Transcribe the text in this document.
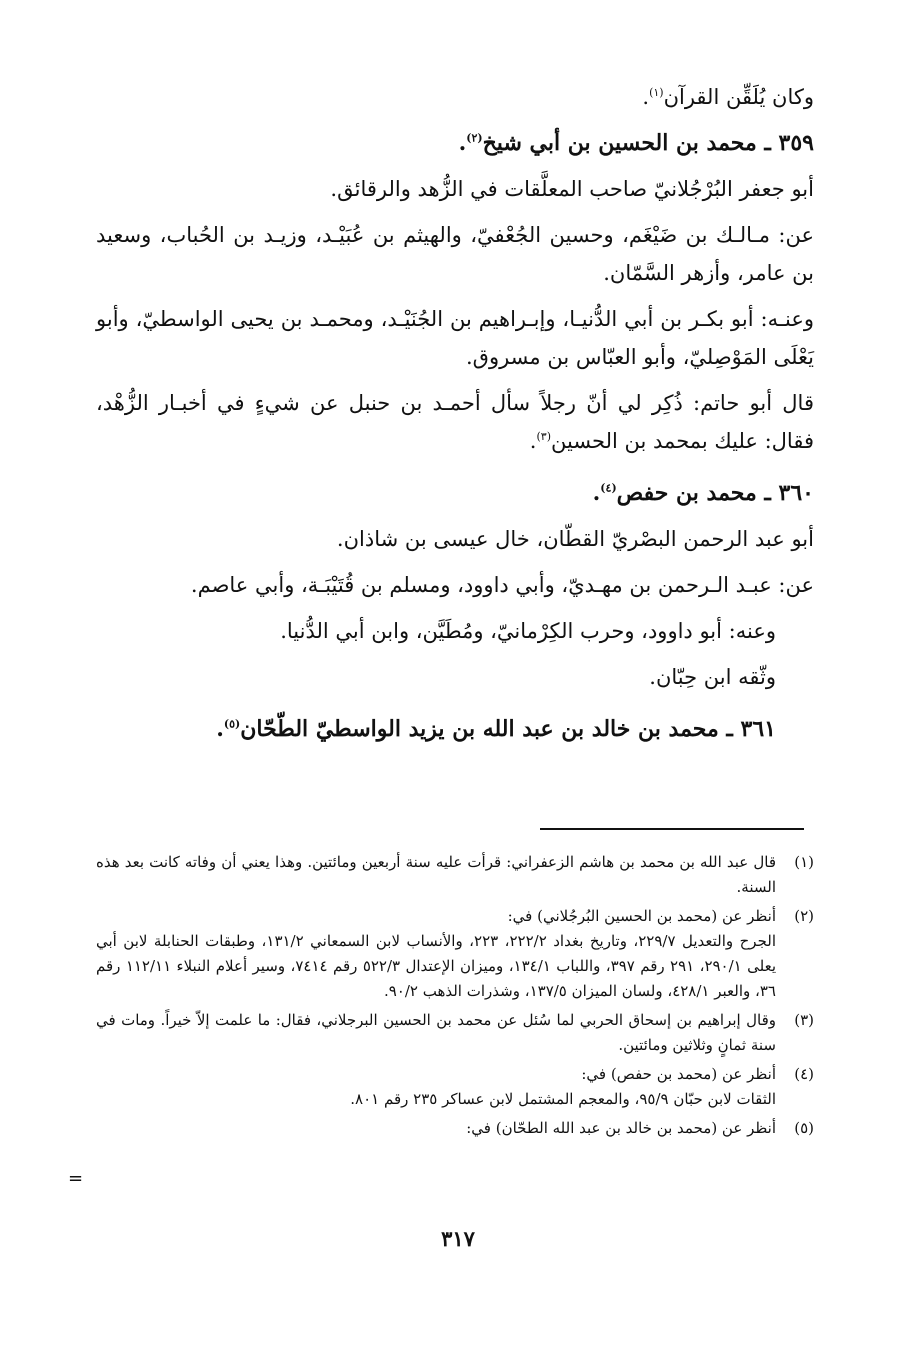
وكان يُلَقِّن القرآن$^{(١)}$.

٣٥٩ ـ محمد بن الحسين بن أبي شيخ$^{(٢)}$.

أبو جعفر البُرْجُلانيّ صاحب المعلَّقات في الزُّهد والرقائق.

عن: مـالـك بن ضَيْغَم، وحسين الجُعْفيّ، والهيثم بن عُبَيْـد، وزيـد بن الحُباب، وسعيد بن عامر، وأزهر السَّمّان.

وعنـه: أبو بكـر بن أبي الدُّنيـا، وإبـراهيم بن الجُنَيْـد، ومحمـد بن يحيى الواسطيّ، وأبو يَعْلَى المَوْصِليّ، وأبو العبّاس بن مسروق.

قال أبو حاتم: ذُكِر لي أنّ رجلاً سأل أحمـد بن حنبل عن شيءٍ في أخبـار الزُّهْد، فقال: عليك بمحمد بن الحسين$^{(٣)}$.

٣٦٠ ـ محمد بن حفص$^{(٤)}$.

أبو عبد الرحمن البصْريّ القطّان، خال عيسى بن شاذان.

عن: عبـد الـرحمن بن مهـديّ، وأبي داوود، ومسلم بن قُتَيْبَـة، وأبي عاصم.

وعنه: أبو داوود، وحرب الكِرْمانيّ، ومُطَيَّن، وابن أبي الدُّنيا.

وثّقه ابن حِبّان.

٣٦١ ـ محمد بن خالد بن عبد الله بن يزيد الواسطيّ الطّحّان$^{(٥)}$.

(١)
قال عبد الله بن محمد بن هاشم الزعفراني: قرأت عليه سنة أربعين ومائتين. وهذا يعني أن وفاته كانت بعد هذه السنة.
(٢)
أنظر عن (محمد بن الحسين البُرجُلاني) في:
الجرح والتعديل ٢٢٩/٧، وتاريخ بغداد ٢٢٢/٢، ٢٢٣، والأنساب لابن السمعاني ١٣١/٢، وطبقات الحنابلة لابن أبي يعلى ٢٩٠/١، ٢٩١ رقم ٣٩٧، واللباب ١٣٤/١، وميزان الإعتدال ٥٢٢/٣ رقم ٧٤١٤، وسير أعلام النبلاء ١١٢/١١ رقم ٣٦، والعبر ٤٢٨/١، ولسان الميزان ١٣٧/٥، وشذرات الذهب ٩٠/٢.
(٣)
وقال إبراهيم بن إسحاق الحربي لما سُئل عن محمد بن الحسين البرجلاني، فقال: ما علمت إلاّ خيراً. ومات في سنة ثمانٍ وثلاثين ومائتين.
(٤)
أنظر عن (محمد بن حفص) في:
الثقات لابن حبّان ٩٥/٩، والمعجم المشتمل لابن عساكر ٢٣٥ رقم ٨٠١.
(٥)
أنظر عن (محمد بن خالد بن عبد الله الطحّان) في:
=
٣١٧
